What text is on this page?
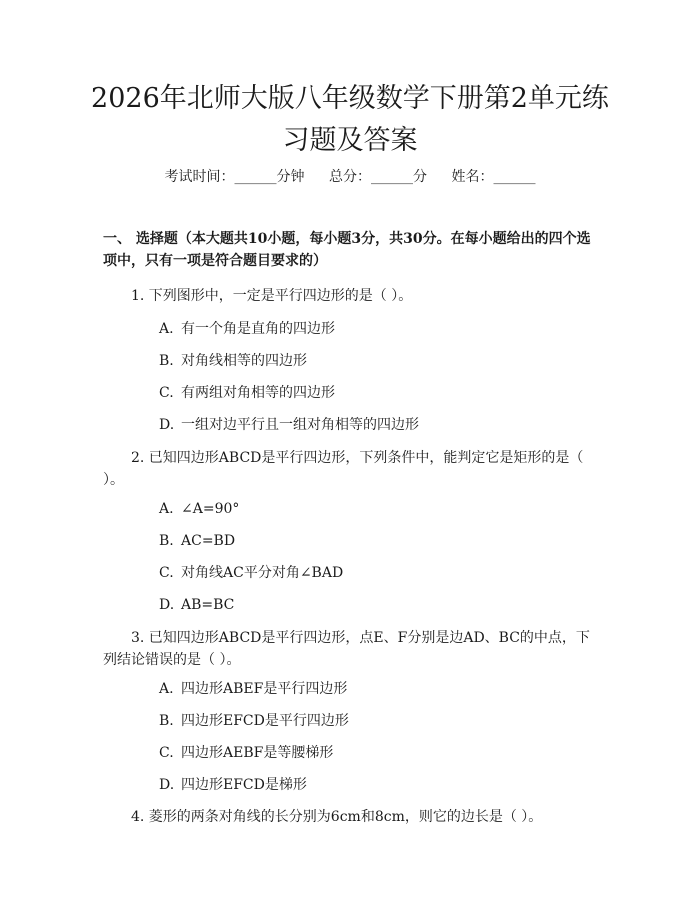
2026年北师大版八年级数学下册第2单元练习题及答案
考试时间：______分钟 总分：______分 姓名：______
一、 选择题（本大题共10小题，每小题3分，共30分。在每小题给出的四个选项中，只有一项是符合题目要求的）
1. 下列图形中，一定是平行四边形的是（ ）。
A. 有一个角是直角的四边形
B. 对角线相等的四边形
C. 有两组对角相等的四边形
D. 一组对边平行且一组对角相等的四边形
2. 已知四边形ABCD是平行四边形，下列条件中，能判定它是矩形的是（ ）。
A. ∠A=90°
B. AC=BD
C. 对角线AC平分对角∠BAD
D. AB=BC
3. 已知四边形ABCD是平行四边形，点E、F分别是边AD、BC的中点，下列结论错误的是（ ）。
A. 四边形ABEF是平行四边形
B. 四边形EFCD是平行四边形
C. 四边形AEBF是等腰梯形
D. 四边形EFCD是梯形
4. 菱形的两条对角线的长分别为6cm和8cm，则它的边长是（ ）。
